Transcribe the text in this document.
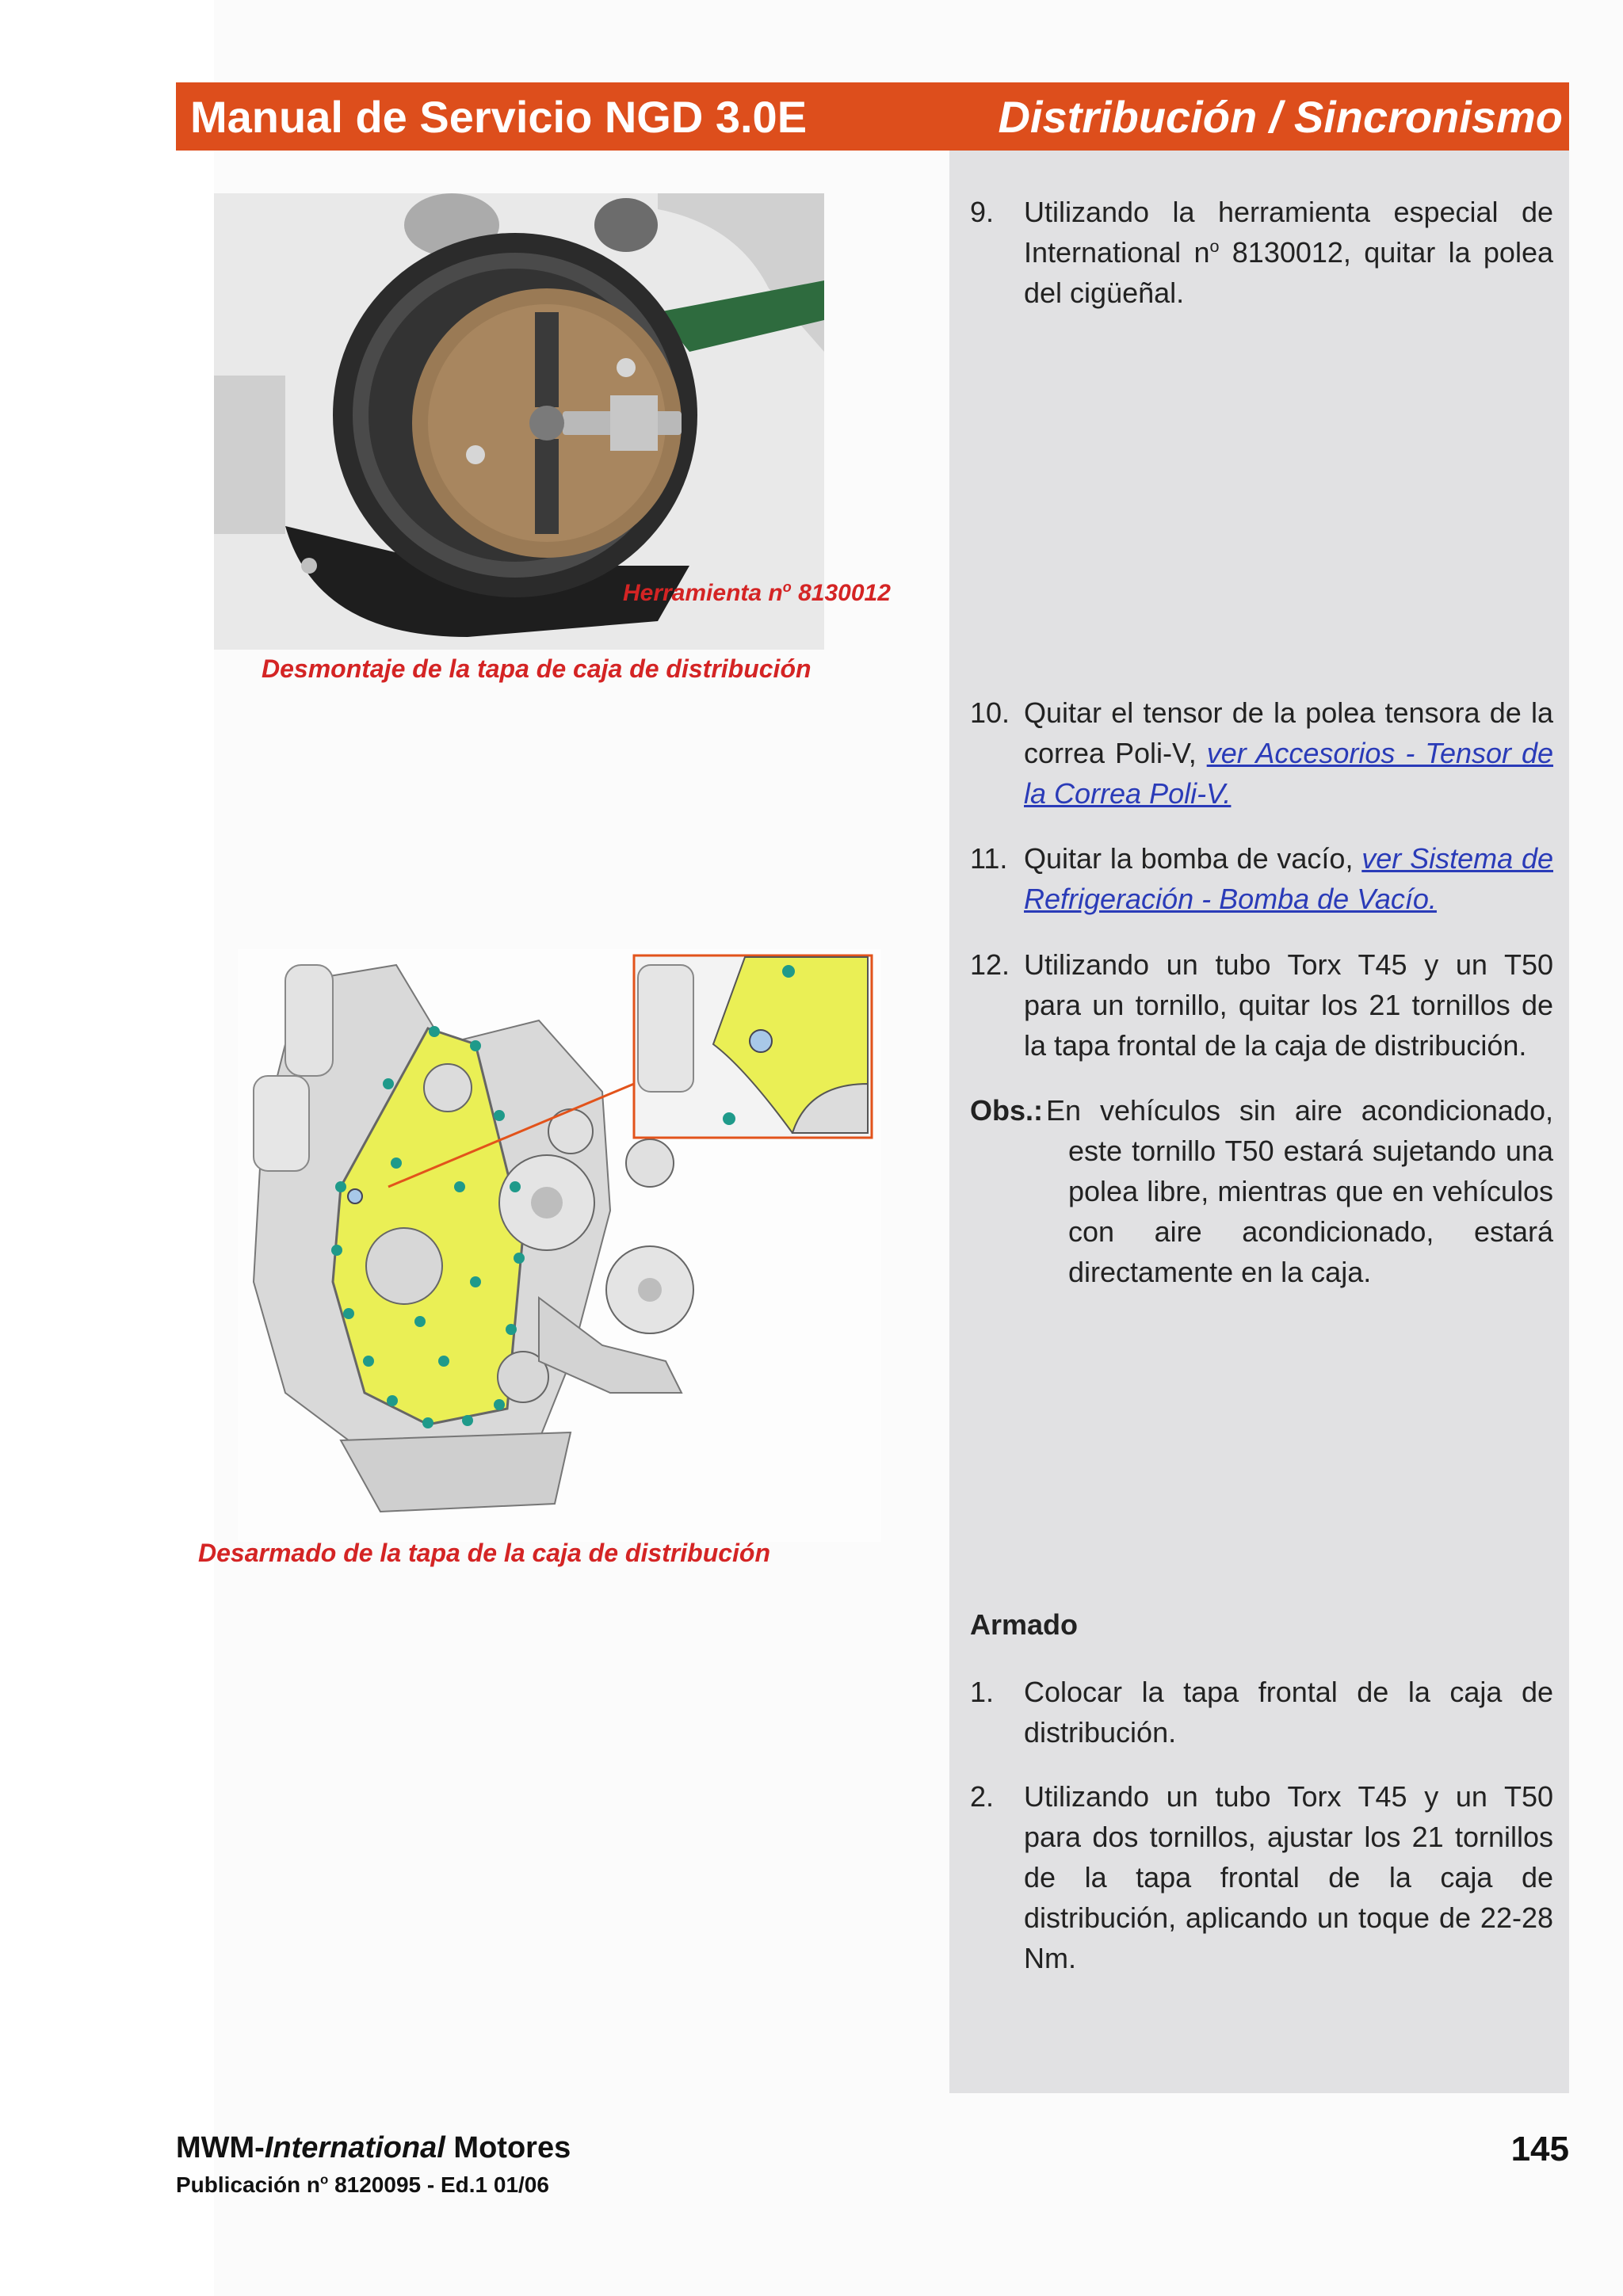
Manual de Servicio NGD 3.0E	Distribución / Sincronismo
Herramienta $n^o$ 8130012
Desmontaje de la tapa de caja de distribución
Desarmado de la tapa de la caja de distribución
9.	Utilizando la herramienta especial de International $n^o$ 8130012, quitar la polea del cigüeñal.
10. Quitar el tensor de la polea tensora de la correa Poli-V, ver Accesorios - Tensor de la Correa Poli-V.
11. Quitar la bomba de vacío, ver Sistema de Refrigeración - Bomba de Vacío.
12. Utilizando un tubo Torx T45 y un T50 para un tornillo, quitar los 21 tornillos de la tapa frontal de la caja de distribución.
Obs.: En vehículos sin aire acondicionado, este tornillo T50 estará sujetando una polea libre, mientras que en vehículos con aire acondicionado, estará directamente en la caja.
Armado
1.	Colocar la tapa frontal de la caja de distribución.
2.	Utilizando un tubo Torx T45 y un T50 para dos tornillos, ajustar los 21 tornillos de la tapa frontal de la caja de distribución, aplicando un toque de 22-28 Nm.
MWM-International Motores
Publicación $n^o$ 8120095 - Ed.1 01/06
145
